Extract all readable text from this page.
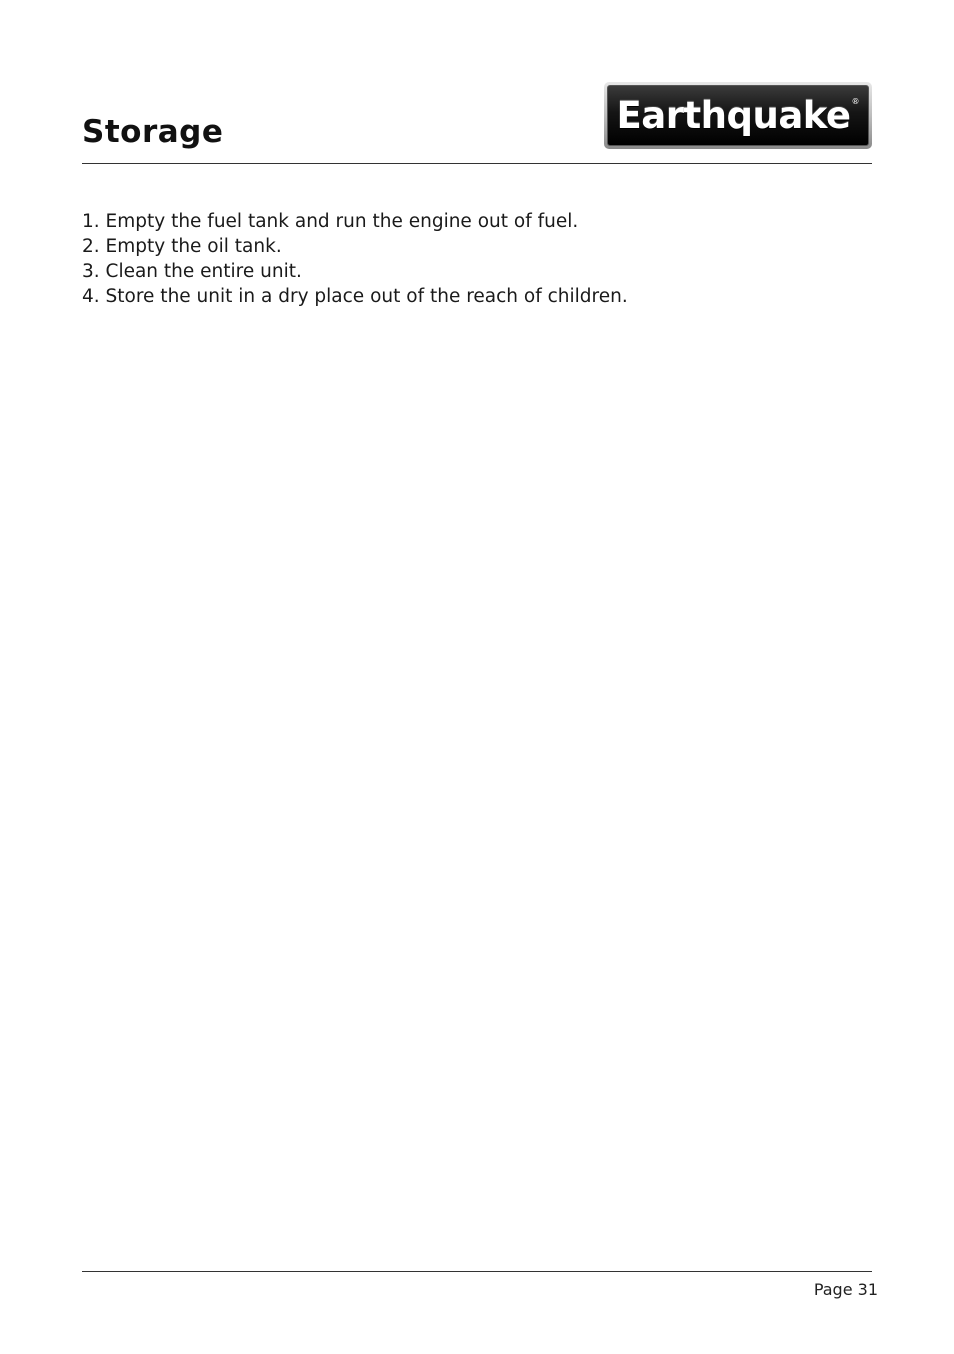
Storage	Earthquake ®
1. Empty the fuel tank and run the engine out of fuel.
2. Empty the oil tank.
3. Clean the entire unit.
4. Store the unit in a dry place out of the reach of children.
Page 31
